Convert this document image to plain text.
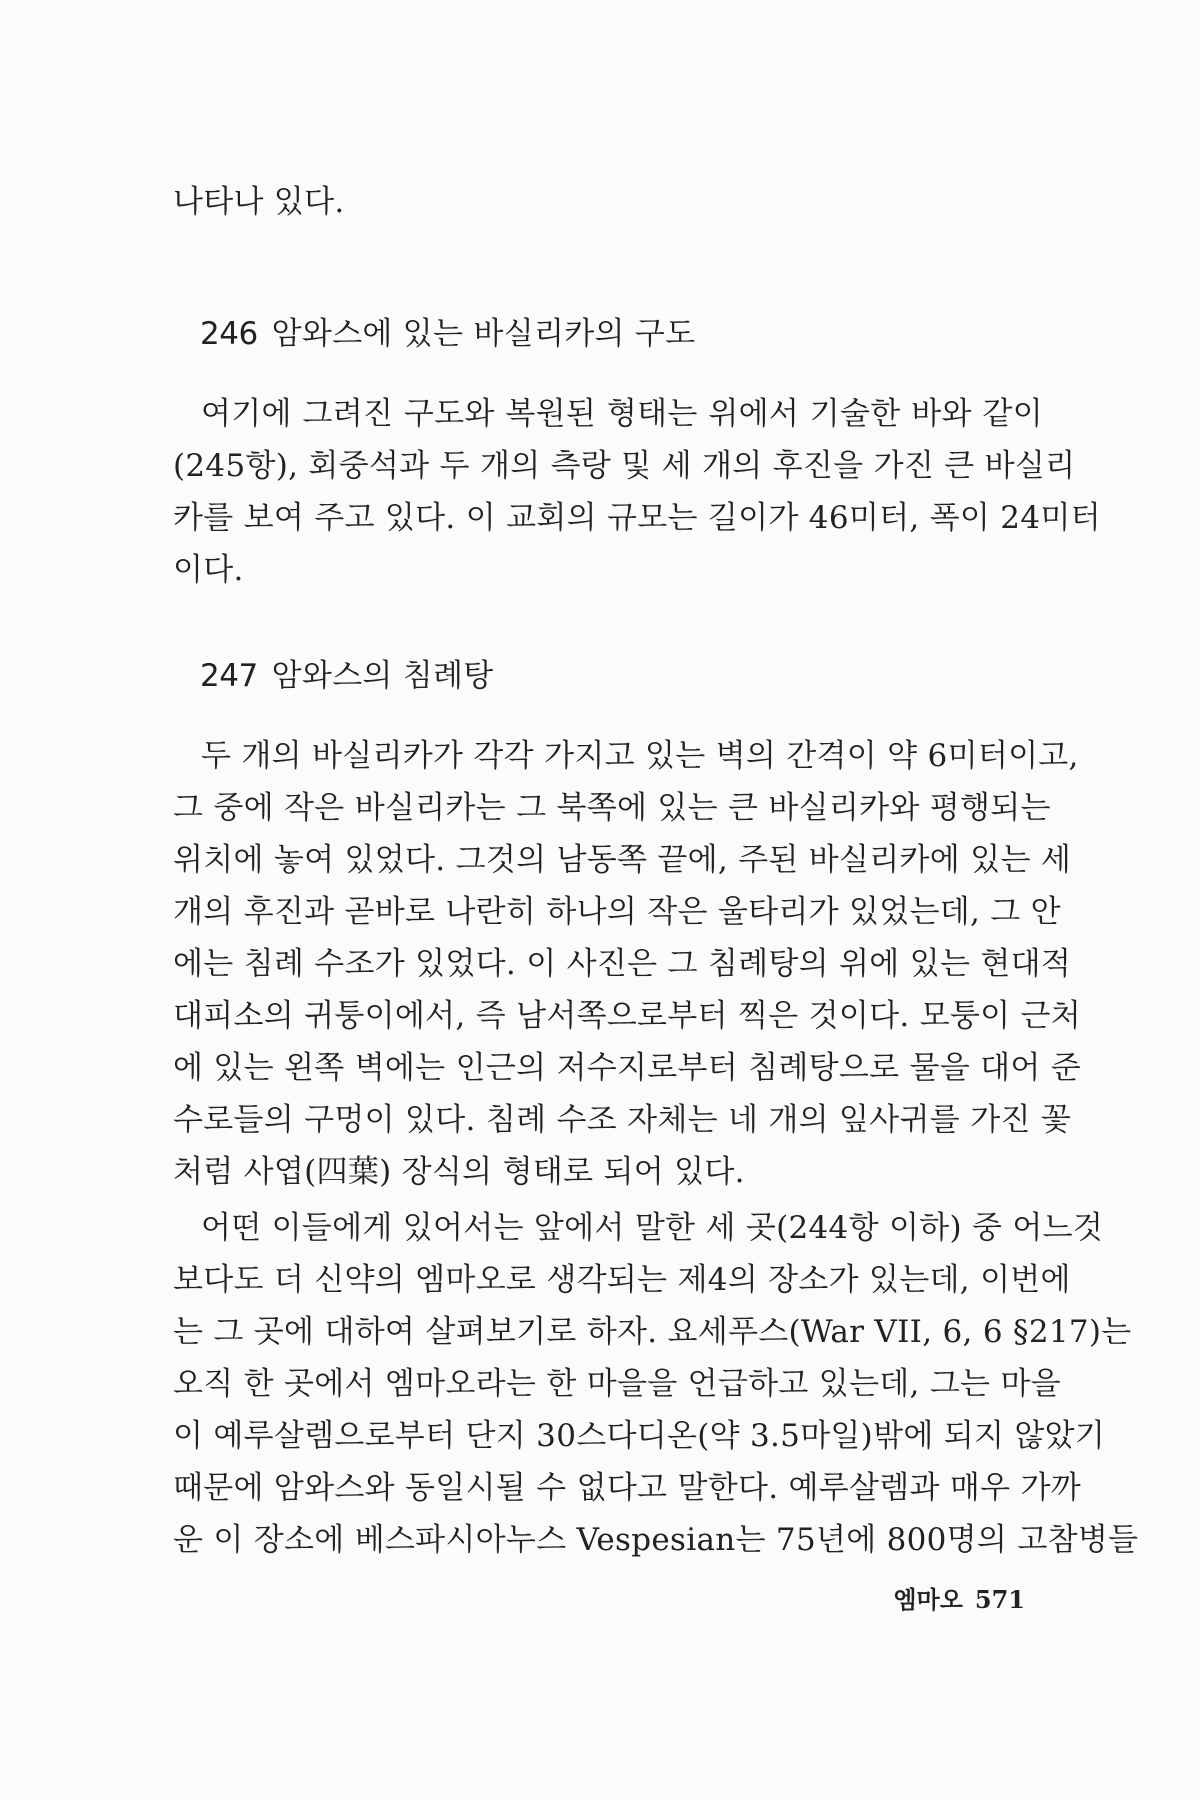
나타나 있다.
246 암와스에 있는 바실리카의 구도
여기에 그려진 구도와 복원된 형태는 위에서 기술한 바와 같이
(245항), 회중석과 두 개의 측랑 및 세 개의 후진을 가진 큰 바실리
카를 보여 주고 있다. 이 교회의 규모는 길이가 46미터, 폭이 24미터
이다.
247 암와스의 침례탕
두 개의 바실리카가 각각 가지고 있는 벽의 간격이 약 6미터이고,
그 중에 작은 바실리카는 그 북쪽에 있는 큰 바실리카와 평행되는
위치에 놓여 있었다. 그것의 남동쪽 끝에, 주된 바실리카에 있는 세
개의 후진과 곧바로 나란히 하나의 작은 울타리가 있었는데, 그 안
에는 침례 수조가 있었다. 이 사진은 그 침례탕의 위에 있는 현대적
대피소의 귀퉁이에서, 즉 남서쪽으로부터 찍은 것이다. 모퉁이 근처
에 있는 왼쪽 벽에는 인근의 저수지로부터 침례탕으로 물을 대어 준
수로들의 구멍이 있다. 침례 수조 자체는 네 개의 잎사귀를 가진 꽃
처럼 사엽(四葉) 장식의 형태로 되어 있다.
어떤 이들에게 있어서는 앞에서 말한 세 곳(244항 이하) 중 어느것
보다도 더 신약의 엠마오로 생각되는 제4의 장소가 있는데, 이번에
는 그 곳에 대하여 살펴보기로 하자. 요세푸스(War VII, 6, 6 §217)는
오직 한 곳에서 엠마오라는 한 마을을 언급하고 있는데, 그는 마을
이 예루살렘으로부터 단지 30스다디온(약 3.5마일)밖에 되지 않았기
때문에 암와스와 동일시될 수 없다고 말한다. 예루살렘과 매우 가까
운 이 장소에 베스파시아누스 Vespesian는 75년에 800명의 고참병들
엠마오 571
